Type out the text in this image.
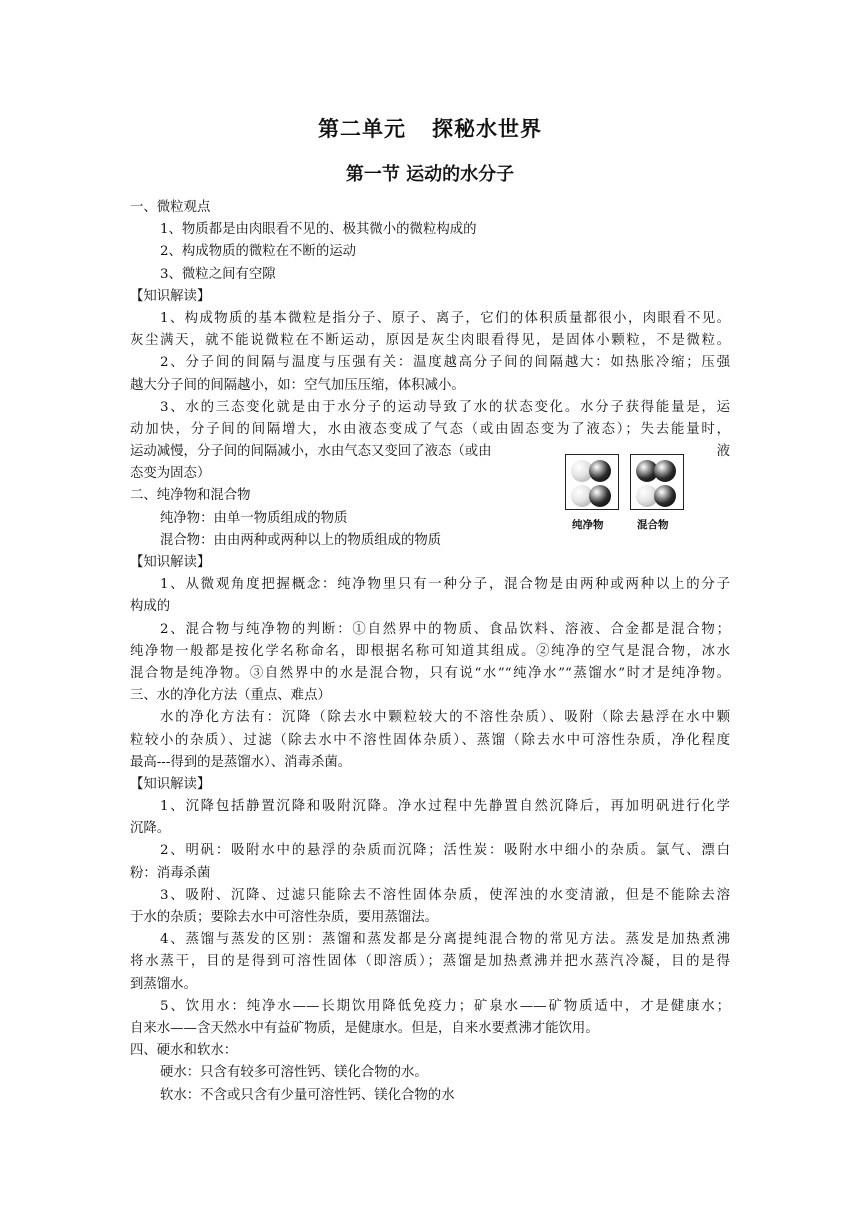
第二单元 探秘水世界
第一节 运动的水分子
一、微粒观点
1、物质都是由肉眼看不见的、极其微小的微粒构成的
2、构成物质的微粒在不断的运动
3、微粒之间有空隙
【知识解读】
1、构成物质的基本微粒是指分子、原子、离子，它们的体积质量都很小，肉眼看不见。
灰尘满天，就不能说微粒在不断运动，原因是灰尘肉眼看得见，是固体小颗粒，不是微粒。
2、分子间的间隔与温度与压强有关：温度越高分子间的间隔越大：如热胀冷缩；压强
越大分子间的间隔越小，如：空气加压压缩，体积减小。
3、水的三态变化就是由于水分子的运动导致了水的状态变化。水分子获得能量是，运
动加快，分子间的间隔增大，水由液态变成了气态（或由固态变为了液态）；失去能量时，
运动减慢，分子间的间隔减小，水由气态又变回了液态（或由	液
态变为固态）
二、纯净物和混合物
纯净物：由单一物质组成的物质
混合物：由由两种或两种以上的物质组成的物质
【知识解读】
1、从微观角度把握概念：纯净物里只有一种分子，混合物是由两种或两种以上的分子
构成的
2、混合物与纯净物的判断：①自然界中的物质、食品饮料、溶液、合金都是混合物；
纯净物一般都是按化学名称命名，即根据名称可知道其组成。②纯净的空气是混合物，冰水
混合物是纯净物。③自然界中的水是混合物，只有说“水”“纯净水”“蒸馏水”时才是纯净物。
三、水的净化方法（重点、难点）
水的净化方法有：沉降（除去水中颗粒较大的不溶性杂质）、吸附（除去悬浮在水中颗
粒较小的杂质）、过滤（除去水中不溶性固体杂质）、蒸馏（除去水中可溶性杂质，净化程度
最高---得到的是蒸馏水）、消毒杀菌。
【知识解读】
1、沉降包括静置沉降和吸附沉降。净水过程中先静置自然沉降后，再加明矾进行化学
沉降。
2、明矾：吸附水中的悬浮的杂质而沉降；活性炭：吸附水中细小的杂质。氯气、漂白
粉：消毒杀菌
3、吸附、沉降、过滤只能除去不溶性固体杂质，使浑浊的水变清澈，但是不能除去溶
于水的杂质；要除去水中可溶性杂质，要用蒸馏法。
4、蒸馏与蒸发的区别：蒸馏和蒸发都是分离提纯混合物的常见方法。蒸发是加热煮沸
将水蒸干，目的是得到可溶性固体（即溶质）；蒸馏是加热煮沸并把水蒸汽冷凝，目的是得
到蒸馏水。
5、饮用水：纯净水——长期饮用降低免疫力；矿泉水——矿物质适中，才是健康水；
自来水——含天然水中有益矿物质，是健康水。但是，自来水要煮沸才能饮用。
四、硬水和软水：
硬水：只含有较多可溶性钙、镁化合物的水。
软水：不含或只含有少量可溶性钙、镁化合物的水
纯净物	混合物
